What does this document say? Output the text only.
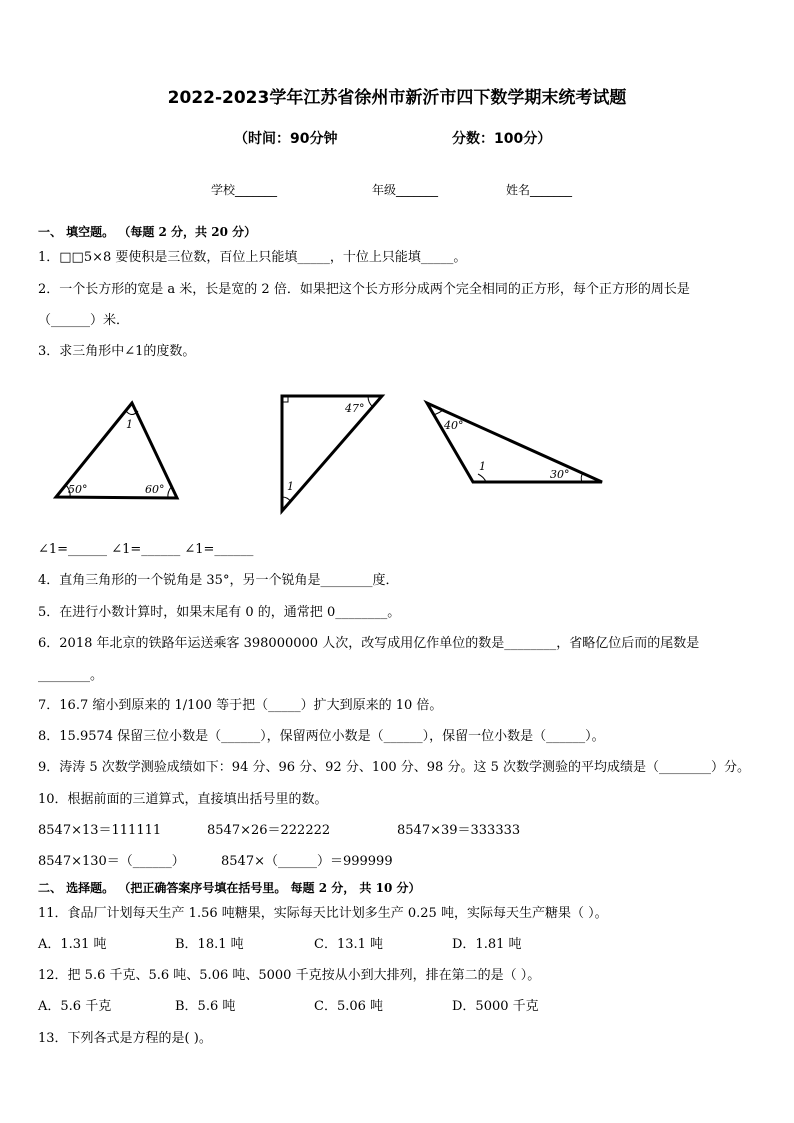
2022-2023学年江苏省徐州市新沂市四下数学期末统考试题
（时间：90分钟	分数：100分）
学校_______	年级_______	姓名_______
一、 填空题。 （每题 2 分，共 20 分）
1．□□5×8 要使积是三位数，百位上只能填_____，十位上只能填_____。
2．一个长方形的宽是 a 米，长是宽的 2 倍．如果把这个长方形分成两个完全相同的正方形，每个正方形的周长是
（______）米．
3．求三角形中∠1的度数。
1
50°	60°
47°
1
40°
1
30°
∠1=______ ∠1=______ ∠1=______
4．直角三角形的一个锐角是 35°，另一个锐角是________度．
5．在进行小数计算时，如果末尾有 0 的，通常把 0________。
6．2018 年北京的铁路年运送乘客 398000000 人次，改写成用亿作单位的数是________，省略亿位后而的尾数是
________。
7．16.7 缩小到原来的 1/100 等于把（_____）扩大到原来的 10 倍。
8．15.9574 保留三位小数是（______），保留两位小数是（______），保留一位小数是（______）。
9．涛涛 5 次数学测验成绩如下：94 分、96 分、92 分、100 分、98 分。这 5 次数学测验的平均成绩是（________）分。
10．根据前面的三道算式，直接填出括号里的数。
8547×13＝111111	8547×26＝222222	8547×39＝333333
8547×130＝（______）	8547×（______）＝999999
二、 选择题。 （把正确答案序号填在括号里。 每题 2 分， 共 10 分）
11．食品厂计划每天生产 1.56 吨糖果，实际每天比计划多生产 0.25 吨，实际每天生产糖果（ ）。
A．1.31 吨	B．18.1 吨	C．13.1 吨	D．1.81 吨
12．把 5.6 千克、5.6 吨、5.06 吨、5000 千克按从小到大排列，排在第二的是（ ）。
A．5.6 千克	B．5.6 吨	C．5.06 吨	D．5000 千克
13．下列各式是方程的是( )。
